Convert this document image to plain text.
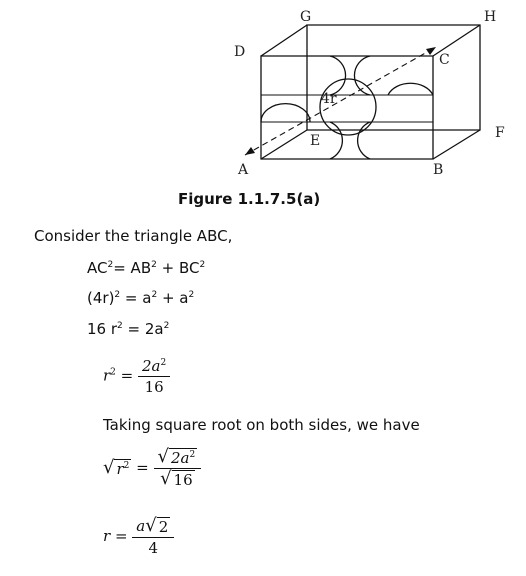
G	H
D	C
F
E
A	B
4r
Figure 1.1.7.5(a)
Consider the triangle ABC,
$AC^2= AB^2 + BC^2$
$(4r)^2 = a^2 + a^2$
16 $r^2 = 2a^2$
$r^2 = \frac{2a^2}{16}$
Taking square root on both sides, we have
√ $r^2 = \frac{√ 2a^2}{√ 16}$
$r = \frac{a √ 2}{4}$
